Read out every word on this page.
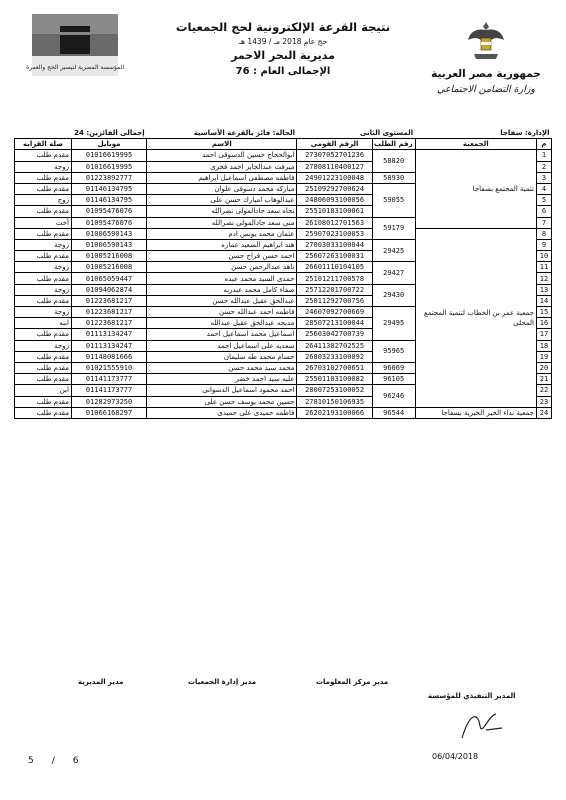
المؤسسة المصرية لتيسير الحج والعمرة
نتيجة القرعة الإلكترونية لحج الجمعيات
حج عام 2018 مـ / 1439 هـ
مديرية البحر الاحمر
الإجمالى العام : 76	جمهورية مصر العربية
وزارة التضامن الاجتماعي
الإدارة: سفاجا		المستوى الثانى		الحالة: فائز بالقرعة الأساسية	إجمالى الفائزين: 24	
م	الجمعية	رقم الطلب	الرقم القومى	الاسم	موبايل	صلة القرابه
1	تنمية المجتمع بسفاجا	58820	27307052701236	ابوالحجاج حسين الدسوقى احمد	01016619995	مقدم طلب
2			27808110400127	ميرفت عبدالجابر احمد فخرى	01016619995	زوجة
3		58930	24901223100048	فاطمه مصطفى اسماعيل ابراهيم	01223892777	مقدم طلب
4		59055	25109292700624	مباركه محمد دسوقى علوان	01146134795	مقدم طلب
5			24806093100056	عبدالوهاب امبارك حسن على	01146134795	زوج
6			25510183100061	نجاه سعد جادالمولى نصرالله	01095476076	مقدم طلب
7		59179	26108012701563	منى سعد جادالمولى نصرالله	01095476076	أخت
8	جمعية عمر بن الخطاب لتنمية المجتمع المحلى		25907023100053	عثمان محمد يونس ادم	01006590143	مقدم طلب
9		29425	27003033100044	هند ابراهيم السعيد عماره	01006590143	زوجة
10			25607263100031	احمد حسن فراج حسن	01005216008	مقدم طلب
11		29427	26601110104105	ناهد عبدالرحمن حسن	01005216008	زوجة
12			25101211700578	حمدى السيد محمد عبده	01065059447	مقدم طلب
13		29430	25712201700722	صفاء كامل محمد عبدربه	01094062874	زوجة
14			25011292700756	عبدالحق عقيل عبدالله حسن	01223681217	مقدم طلب
15		29495	24607092700669	فاطمه احمد عبدالله حسن	01223681217	زوجة
16			28507213100044	مديحه عبدالحق عقيل عبدالله	01223681217	ابنه
17			25603042700739	اسماعيل محمد اسماعيل احمد	01113134247	مقدم طلب
18		95965	26411302702525	سعديه على اسماعيل احمد	01113134247	زوجة
19			26803233100092	حسام محمد طه سليمان	01148081666	مقدم طلب
20		96069	26703102700651	محمد سيد محمد حسن	01021555910	مقدم طلب
21		96105	25501103100082	عليه سيد احمد خضر	01141173777	مقدم طلب
22		96246	28007253100052	احمد محمود اسماعيل الدسوانى	01141173777	ابن
23			27810150106935	حسين محمد يوسف حسن على	01282973250	مقدم طلب
24	جمعية نداء الخير الخيرية بسفاجا	96544	26202193100066	فاطمه حميدى على حميدى	01066168297	مقدم طلب
مدير المديرية	مدير إدارة الجمعيات	مدير مركز المعلومات
المدير التنفيذي للمؤسسة
5/6	06/04/2018
